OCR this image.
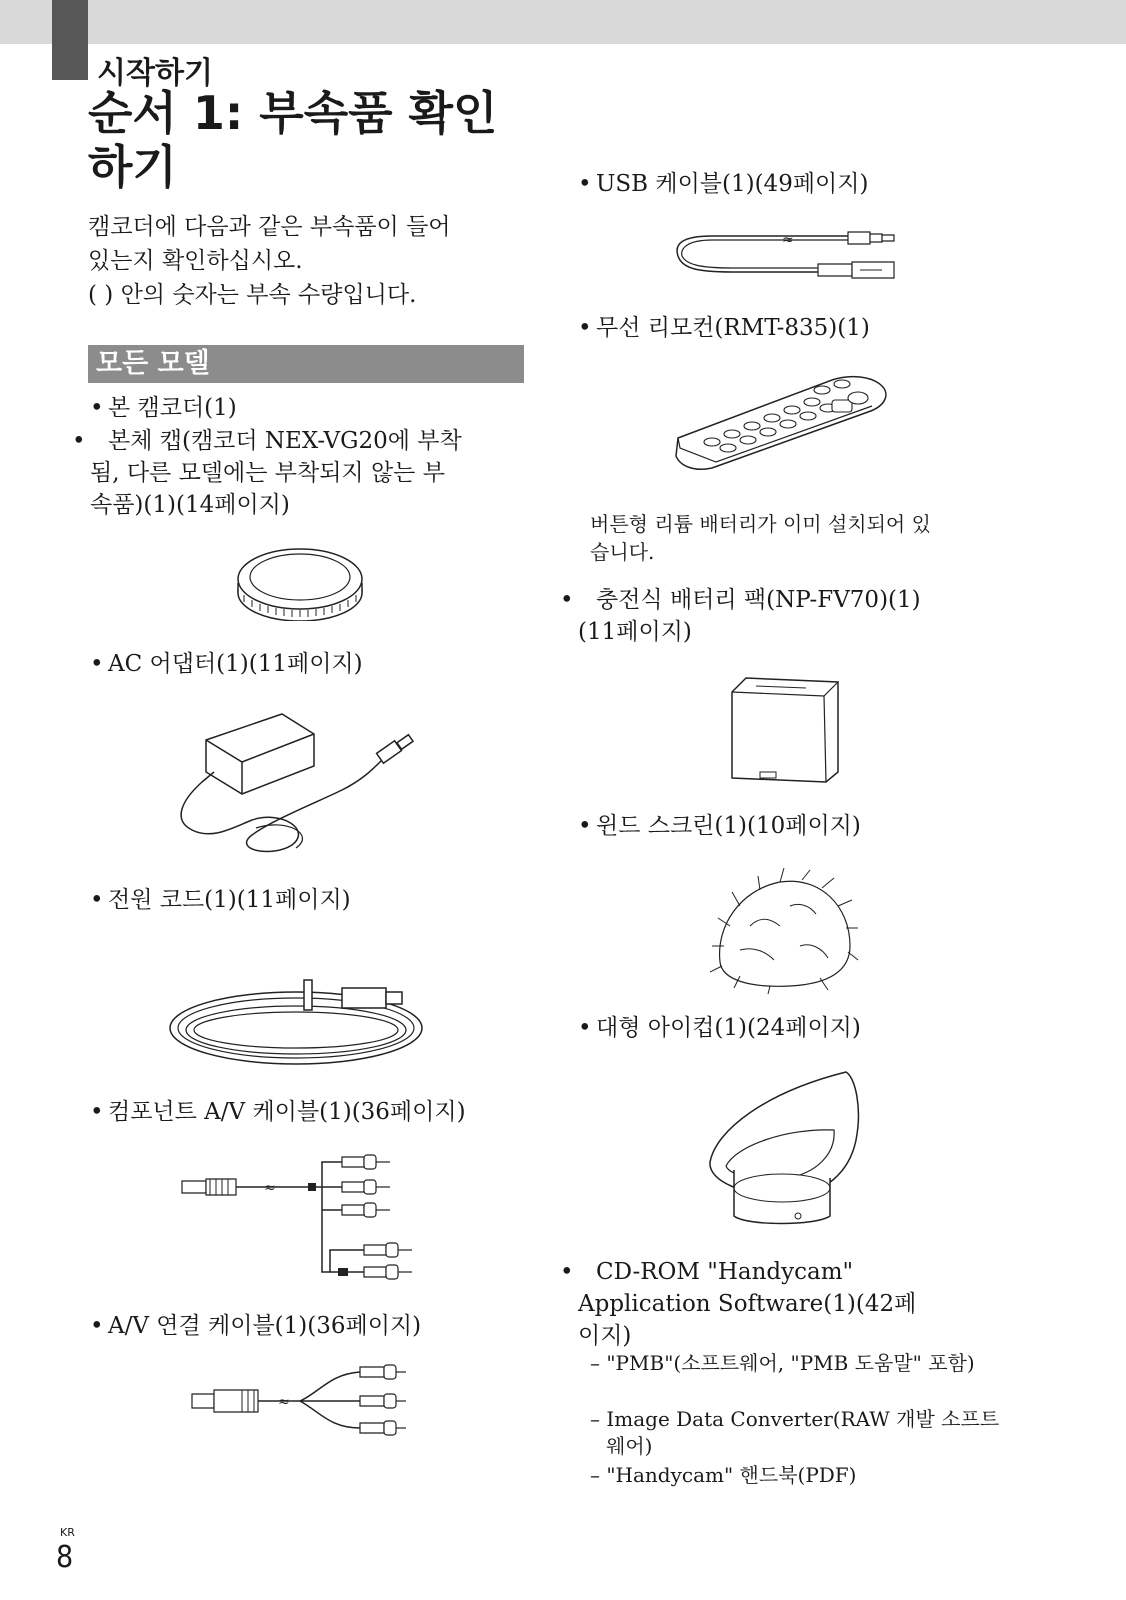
시작하기
순서 1: 부속품 확인
하기
캠코더에 다음과 같은 부속품이 들어
있는지 확인하십시오.
( ) 안의 숫자는 부속 수량입니다.
모든 모델

• 본 캠코더(1)

• 본체 캡(캠코더 NEX-VG20에 부착
됨, 다른 모델에는 부착되지 않는 부
속품)(1)(14페이지)

• AC 어댑터(1)(11페이지)

• 전원 코드(1)(11페이지)

• 컴포넌트 A/V 케이블(1)(36페이지)

≈

• A/V 연결 케이블(1)(36페이지)

≈

• USB 케이블(1)(49페이지)

≈

• 무선 리모컨(RMT-835)(1)

버튼형 리튬 배터리가 이미 설치되어 있
습니다.
• 충전식 배터리 팩(NP-FV70)(1)
(11페이지)

• 윈드 스크린(1)(10페이지)

• 대형 아이컵(1)(24페이지)

• CD-ROM "Handycam"
Application Software(1)(42페
이지)

– "PMB"(소프트웨어, "PMB 도움말" 포함)

– Image Data Converter(RAW 개발 소프트웨어)

– "Handycam" 핸드북(PDF)

KR
8
